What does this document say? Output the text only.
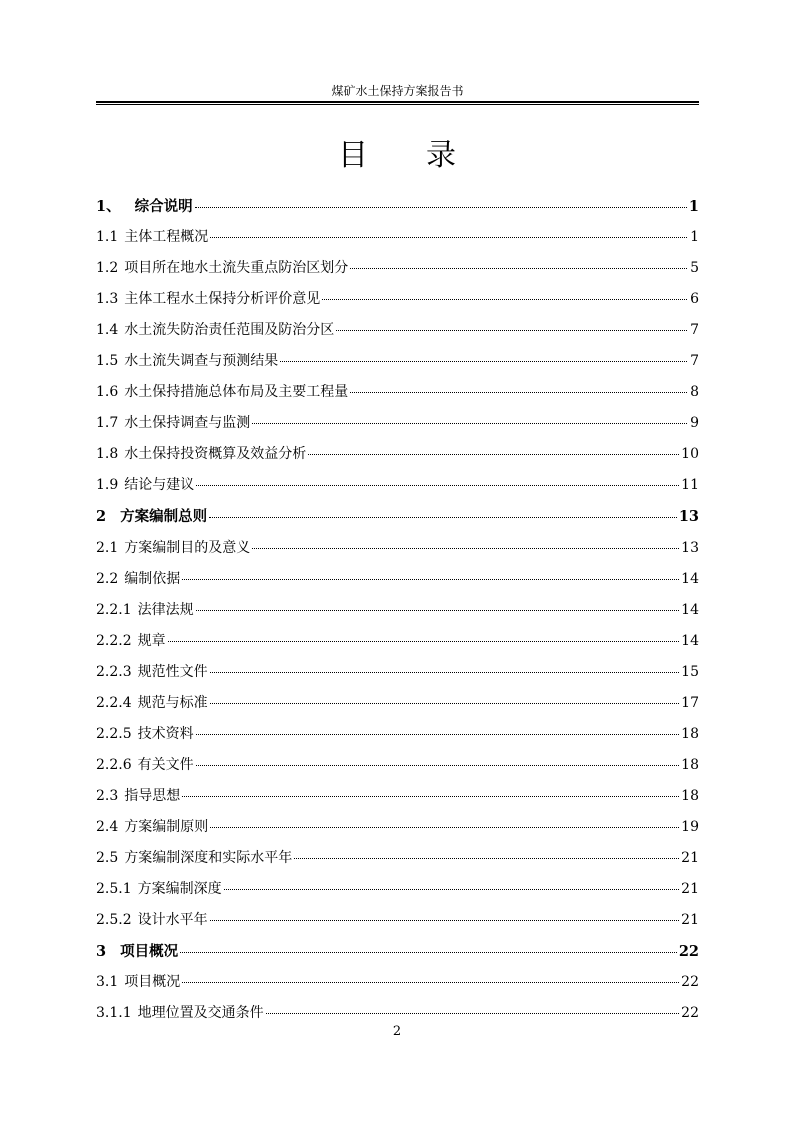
煤矿水土保持方案报告书
目录
1、 综合说明	1
1.1 主体工程概况	1
1.2 项目所在地水土流失重点防治区划分	5
1.3 主体工程水土保持分析评价意见	6
1.4 水土流失防治责任范围及防治分区	7
1.5 水土流失调查与预测结果	7
1.6 水土保持措施总体布局及主要工程量	8
1.7 水土保持调查与监测	9
1.8 水土保持投资概算及效益分析	10
1.9 结论与建议	11
2 方案编制总则	13
2.1 方案编制目的及意义	13
2.2 编制依据	14
2.2.1 法律法规	14
2.2.2 规章	14
2.2.3 规范性文件	15
2.2.4 规范与标准	17
2.2.5 技术资料	18
2.2.6 有关文件	18
2.3 指导思想	18
2.4 方案编制原则	19
2.5 方案编制深度和实际水平年	21
2.5.1 方案编制深度	21
2.5.2 设计水平年	21
3 项目概况	22
3.1 项目概况	22
3.1.1 地理位置及交通条件	22
2
